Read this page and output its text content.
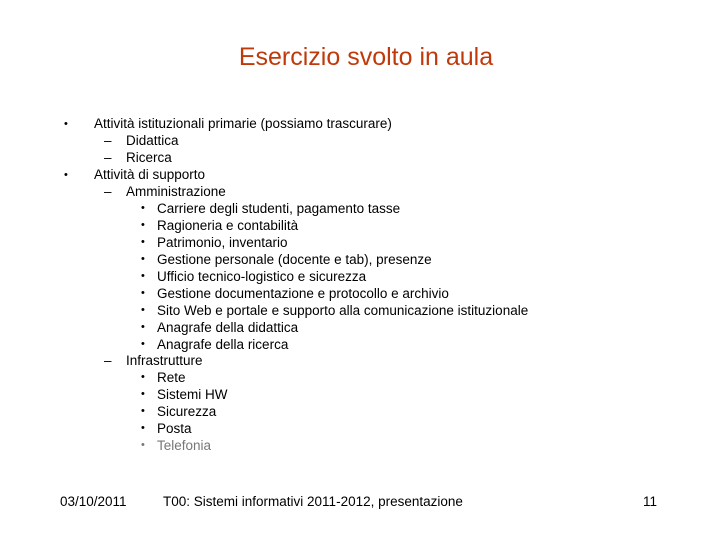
Esercizio svolto in aula
• Attività istituzionali primarie (possiamo trascurare)
– Didattica
– Ricerca
• Attività di supporto
– Amministrazione
• Carriere degli studenti, pagamento tasse
• Ragioneria e contabilità
• Patrimonio, inventario
• Gestione personale (docente e tab), presenze
• Ufficio tecnico-logistico e sicurezza
• Gestione documentazione e protocollo e archivio
• Sito Web e portale e supporto alla comunicazione istituzionale
• Anagrafe della didattica
• Anagrafe della ricerca
– Infrastrutture
• Rete
• Sistemi HW
• Sicurezza
• Posta
• Telefonia
03/10/2011	T00: Sistemi informativi 2011-2012, presentazione	11
